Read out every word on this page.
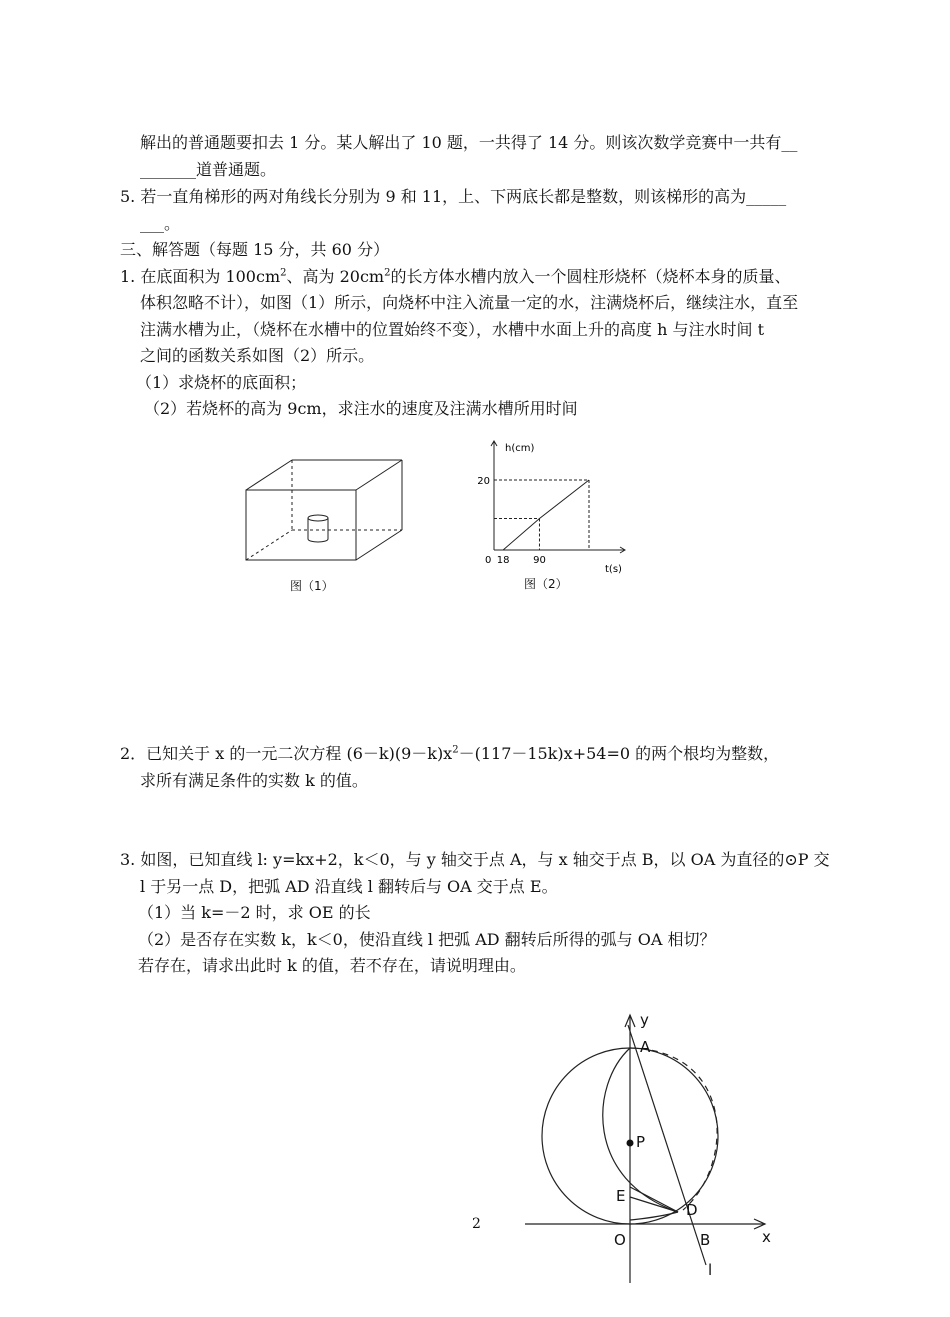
解出的普通题要扣去 1 分。某人解出了 10 题，一共得了 14 分。则该次数学竞赛中一共有__
_______道普通题。
5. 若一直角梯形的两对角线长分别为 9 和 11，上、下两底长都是整数，则该梯形的高为_____
___。
三、解答题（每题 15 分，共 60 分）
1. 在底面积为 $100cm^2$、高为 $20cm^2$的长方体水槽内放入一个圆柱形烧杯（烧杯本身的质量、
体积忽略不计），如图（1）所示，向烧杯中注入流量一定的水，注满烧杯后，继续注水，直至
注满水槽为止，（烧杯在水槽中的位置始终不变），水槽中水面上升的高度 h 与注水时间 t
之间的函数关系如图（2）所示。
（1）求烧杯的底面积；
（2）若烧杯的高为 9cm，求注水的速度及注满水槽所用时间
图（1）
h(cm)
t(s)
0 18 90
20
图（2）
2．已知关于 x 的一元二次方程 $(6-k)(9-k)x^2-(117-15k)x+54=0$ 的两个根均为整数，
求所有满足条件的实数 k 的值。
3. 如图，已知直线 l: y=kx+2，k＜0，与 y 轴交于点 A，与 x 轴交于点 B，以 OA 为直径的⊙P 交
l 于另一点 D，把弧 AD 沿直线 l 翻转后与 OA 交于点 E。
（1）当 k=－2 时，求 OE 的长
（2）是否存在实数 k，k＜0，使沿直线 l 把弧 AD 翻转后所得的弧与 OA 相切？
若存在，请求出此时 k 的值，若不存在，请说明理由。
y
x
A
P
E
D
O	B
l
2
